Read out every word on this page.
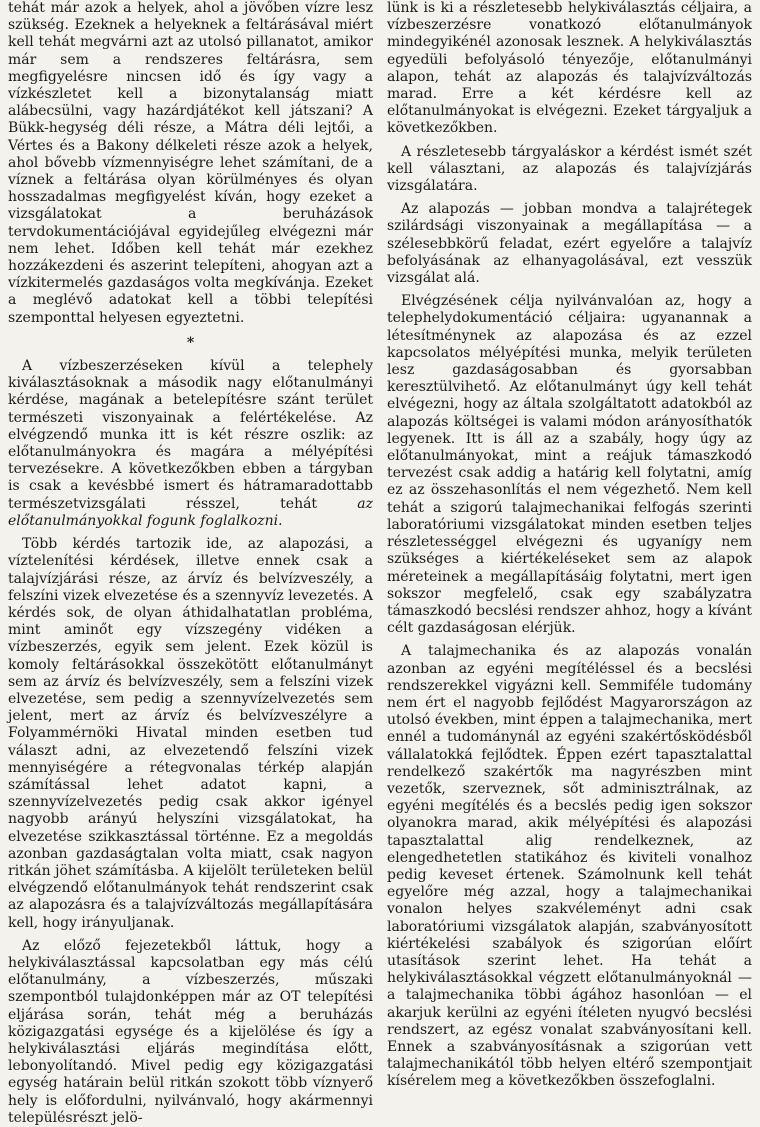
tehát már azok a helyek, ahol a jövőben vízre lesz szükség. Ezeknek a helyeknek a feltárásával miért kell tehát megvárni azt az utolsó pillanatot, amikor már sem a rendszeres feltárásra, sem megfigyelésre nincsen idő és így vagy a vízkészletet kell a bizonytalanság miatt alábecsülni, vagy hazárdjátékot kell játszani? A Bükk-hegység déli része, a Mátra déli lejtői, a Vértes és a Bakony délkeleti része azok a helyek, ahol bővebb vízmennyiségre lehet számítani, de a víznek a feltárása olyan körülményes és olyan hosszadalmas megfigyelést kíván, hogy ezeket a vizsgálatokat a beruházások tervdokumentációjával egyidejűleg elvégezni már nem lehet. Időben kell tehát már ezekhez hozzákezdeni és aszerint telepíteni, ahogyan azt a vízkitermelés gazdaságos volta megkívánja. Ezeket a meglévő adatokat kell a többi telepítési szemponttal helyesen egyeztetni.

*

A vízbeszerzéseken kívül a telephely kiválasztásoknak a második nagy előtanulmányi kérdése, magának a betelepítésre szánt terület természeti viszonyainak a felértékelése. Az elvégzendő munka itt is két részre oszlik: az előtanulmányokra és magára a mélyépítési tervezésekre. A következőkben ebben a tárgyban is csak a kevésbbé ismert és hátramaradottabb természetvizsgálati résszel, tehát az előtanulmányokkal fogunk foglalkozni.

Több kérdés tartozik ide, az alapozási, a víztelenítési kérdések, illetve ennek csak a talajvízjárási része, az árvíz és belvízveszély, a felszíni vizek elvezetése és a szennyvíz levezetés. A kérdés sok, de olyan áthidalhatatlan probléma, mint aminőt egy vízszegény vidéken a vízbeszerzés, egyik sem jelent. Ezek közül is komoly feltárásokkal összekötött előtanulmányt sem az árvíz és belvízveszély, sem a felszíni vizek elvezetése, sem pedig a szennyvízelvezetés sem jelent, mert az árvíz és belvízveszélyre a Folyammérnöki Hivatal minden esetben tud választ adni, az elvezetendő felszíni vizek mennyiségére a rétegvonalas térkép alapján számítással lehet adatot kapni, a szennyvízelvezetés pedig csak akkor igényel nagyobb arányú helyszíni vizsgálatokat, ha elvezetése szikkasztással történne. Ez a megoldás azonban gazdaságtalan volta miatt, csak nagyon ritkán jöhet számításba. A kijelölt területeken belül elvégzendő előtanulmányok tehát rendszerint csak az alapozásra és a talajvízváltozás megállapítására kell, hogy irányuljanak.

Az előző fejezetekből láttuk, hogy a helykiválasztással kapcsolatban egy más célú előtanulmány, a vízbeszerzés, műszaki szempontból tulajdonképpen már az OT telepítési eljárása során, tehát még a beruházás közigazgatási egysége és a kijelölése és így a helykiválasztási eljárás megindítása előtt, lebonyolítandó. Mivel pedig egy közigazgatási egység határain belül ritkán szokott több víznyerő hely is előfordulni, nyilvánvaló, hogy akármennyi településrészt jelö-

lünk is ki a részletesebb helykiválasztás céljaira, a vízbeszerzésre vonatkozó előtanulmányok mindegyikénél azonosak lesznek. A helykiválasztás egyedüli befolyásoló tényezője, előtanulmányi alapon, tehát az alapozás és talajvízváltozás marad. Erre a két kérdésre kell az előtanulmányokat is elvégezni. Ezeket tárgyaljuk a következőkben.

A részletesebb tárgyaláskor a kérdést ismét szét kell választani, az alapozás és talajvízjárás vizsgálatára.

Az alapozás — jobban mondva a talajrétegek szilárdsági viszonyainak a megállapítása — a szélesebbkörű feladat, ezért egyelőre a talajvíz befolyásának az elhanyagolásával, ezt vesszük vizsgálat alá.

Elvégzésének célja nyilvánvalóan az, hogy a telephelydokumentáció céljaira: ugyanannak a létesítménynek az alapozása és az ezzel kapcsolatos mélyépítési munka, melyik területen lesz gazdaságosabban és gyorsabban keresztülvihető. Az előtanulmányt úgy kell tehát elvégezni, hogy az általa szolgáltatott adatokból az alapozás költségei is valami módon arányosíthatók legyenek. Itt is áll az a szabály, hogy úgy az előtanulmányokat, mint a reájuk támaszkodó tervezést csak addig a határig kell folytatni, amíg ez az összehasonlítás el nem végezhető. Nem kell tehát a szigorú talajmechanikai felfogás szerinti laboratóriumi vizsgálatokat minden esetben teljes részletességgel elvégezni és ugyanígy nem szükséges a kiértékeléseket sem az alapok méreteinek a megállapításáig folytatni, mert igen sokszor megfelelő, csak egy szabályzatra támaszkodó becslési rendszer ahhoz, hogy a kívánt célt gazdaságosan elérjük.

A talajmechanika és az alapozás vonalán azonban az egyéni megítéléssel és a becslési rendszerekkel vigyázni kell. Semmiféle tudomány nem ért el nagyobb fejlődést Magyarországon az utolsó években, mint éppen a talajmechanika, mert ennél a tudománynál az egyéni szakértősködésből vállalatokká fejlődtek. Éppen ezért tapasztalattal rendelkező szakértők ma nagyrészben mint vezetők, szerveznek, sőt adminisztrálnak, az egyéni megítélés és a becslés pedig igen sokszor olyanokra marad, akik mélyépítési és alapozási tapasztalattal alig rendelkeznek, az elengedhetetlen statikához és kiviteli vonalhoz pedig keveset értenek. Számolnunk kell tehát egyelőre még azzal, hogy a talajmechanikai vonalon helyes szakvéleményt adni csak laboratóriumi vizsgálatok alapján, szabványosított kiértékelési szabályok és szigorúan előírt utasítások szerint lehet. Ha tehát a helykiválasztásokkal végzett előtanulmányoknál — a talajmechanika többi ágához hasonlóan — el akarjuk kerülni az egyéni ítéleten nyugvó becslési rendszert, az egész vonalat szabványosítani kell. Ennek a szabványosításnak a szigorúan vett talajmechanikától több helyen eltérő szempontjait kísérelem meg a következőkben összefoglalni.
